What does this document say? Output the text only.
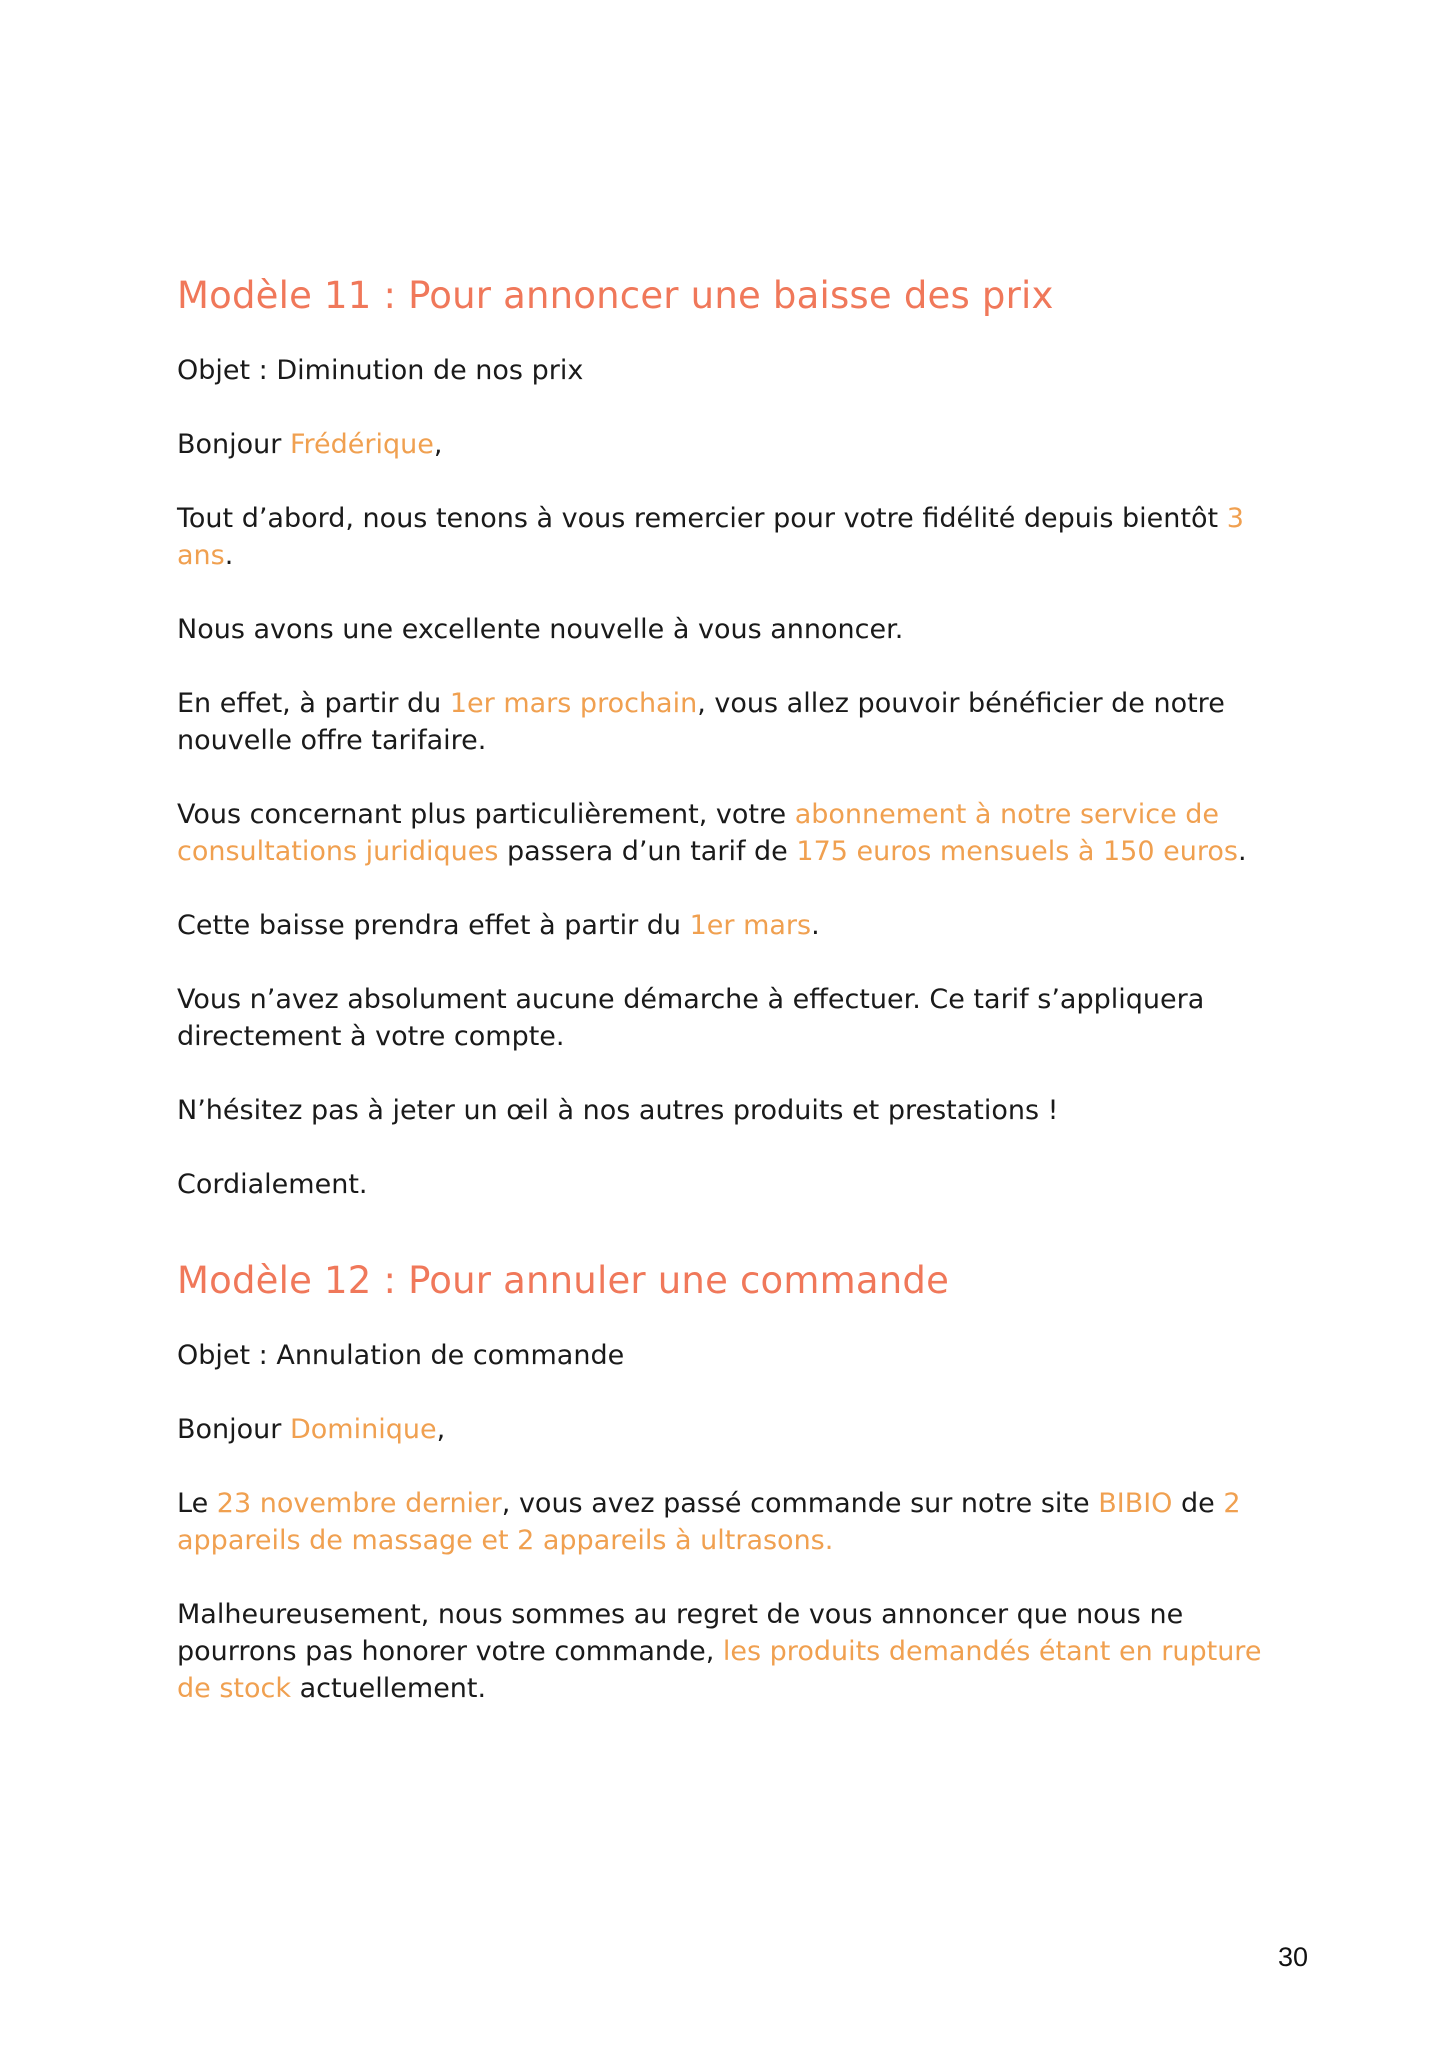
Modèle 11 : Pour annoncer une baisse des prix

Objet : Diminution de nos prix

Bonjour Frédérique,

Tout d’abord, nous tenons à vous remercier pour votre fidélité depuis bientôt 3 ans.

Nous avons une excellente nouvelle à vous annoncer.

En effet, à partir du 1er mars prochain, vous allez pouvoir bénéficier de notre nouvelle offre tarifaire.

Vous concernant plus particulièrement, votre abonnement à notre service de consultations juridiques passera d’un tarif de 175 euros mensuels à 150 euros.

Cette baisse prendra effet à partir du 1er mars.

Vous n’avez absolument aucune démarche à effectuer. Ce tarif s’appliquera directement à votre compte.

N’hésitez pas à jeter un œil à nos autres produits et prestations !

Cordialement.

Modèle 12 : Pour annuler une commande

Objet : Annulation de commande

Bonjour Dominique,

Le 23 novembre dernier, vous avez passé commande sur notre site BIBIO de 2 appareils de massage et 2 appareils à ultrasons.

Malheureusement, nous sommes au regret de vous annoncer que nous ne pourrons pas honorer votre commande, les produits demandés étant en rupture de stock actuellement.

30
